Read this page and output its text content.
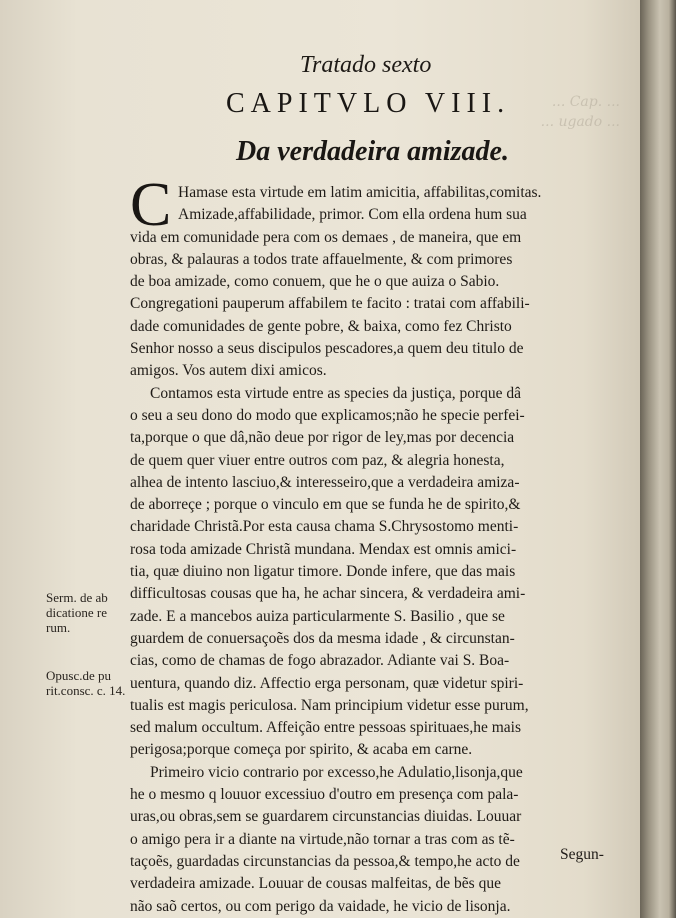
... Cap. ...
... ugado ...
Tratado sexto
CAPITVLO VIII.
Da verdadeira amizade.
C Hamase esta virtude em latim amicitia, affabilitas,comitas.
Amizade,affabilidade, primor. Com ella ordena hum sua
vida em comunidade pera com os demaes , de maneira, que em
obras, & palauras a todos trate affauelmente, & com primores
de boa amizade, como conuem, que he o que auiza o Sabio.
Congregationi pauperum affabilem te facito : tratai com affabili-
dade comunidades de gente pobre, & baixa, como fez Christo
Senhor nosso a seus discipulos pescadores,a quem deu titulo de
amigos. Vos autem dixi amicos.
Contamos esta virtude entre as species da justiça, porque dâ
o seu a seu dono do modo que explicamos;não he specie perfei-
ta,porque o que dâ,não deue por rigor de ley,mas por decencia
de quem quer viuer entre outros com paz, & alegria honesta,
alhea de intento lasciuo,& interesseiro,que a verdadeira amiza-
de aborreçe ; porque o vinculo em que se funda he de spirito,&
charidade Christã.Por esta causa chama S.Chrysostomo menti-
rosa toda amizade Christã mundana. Mendax est omnis amici-
tia, quæ diuino non ligatur timore. Donde infere, que das mais
difficultosas cousas que ha, he achar sincera, & verdadeira ami-
zade. E a mancebos auiza particularmente S. Basilio , que se
guardem de conuersaçoẽs dos da mesma idade , & circunstan-
cias, como de chamas de fogo abrazador. Adiante vai S. Boa-
uentura, quando diz. Affectio erga personam, quæ videtur spiri-
tualis est magis periculosa. Nam principium videtur esse purum,
sed malum occultum. Affeição entre pessoas spirituaes,he mais
perigosa;porque começa por spirito, & acaba em carne.
Primeiro vicio contrario por excesso,he Adulatio,lisonja,que
he o mesmo q louuor excessiuo d'outro em presença com pala-
uras,ou obras,sem se guardarem circunstancias diuidas. Louuar
o amigo pera ir a diante na virtude,não tornar a tras com as tẽ-
taçoẽs, guardadas circunstancias da pessoa,& tempo,he acto de
verdadeira amizade. Louuar de cousas malfeitas, de bẽs que
não saõ certos, ou com perigo da vaidade, he vicio de lisonja.
Serm. de ab dicatione re rum.
Opusc.de pu rit.consc. c. 14.
Segun-
